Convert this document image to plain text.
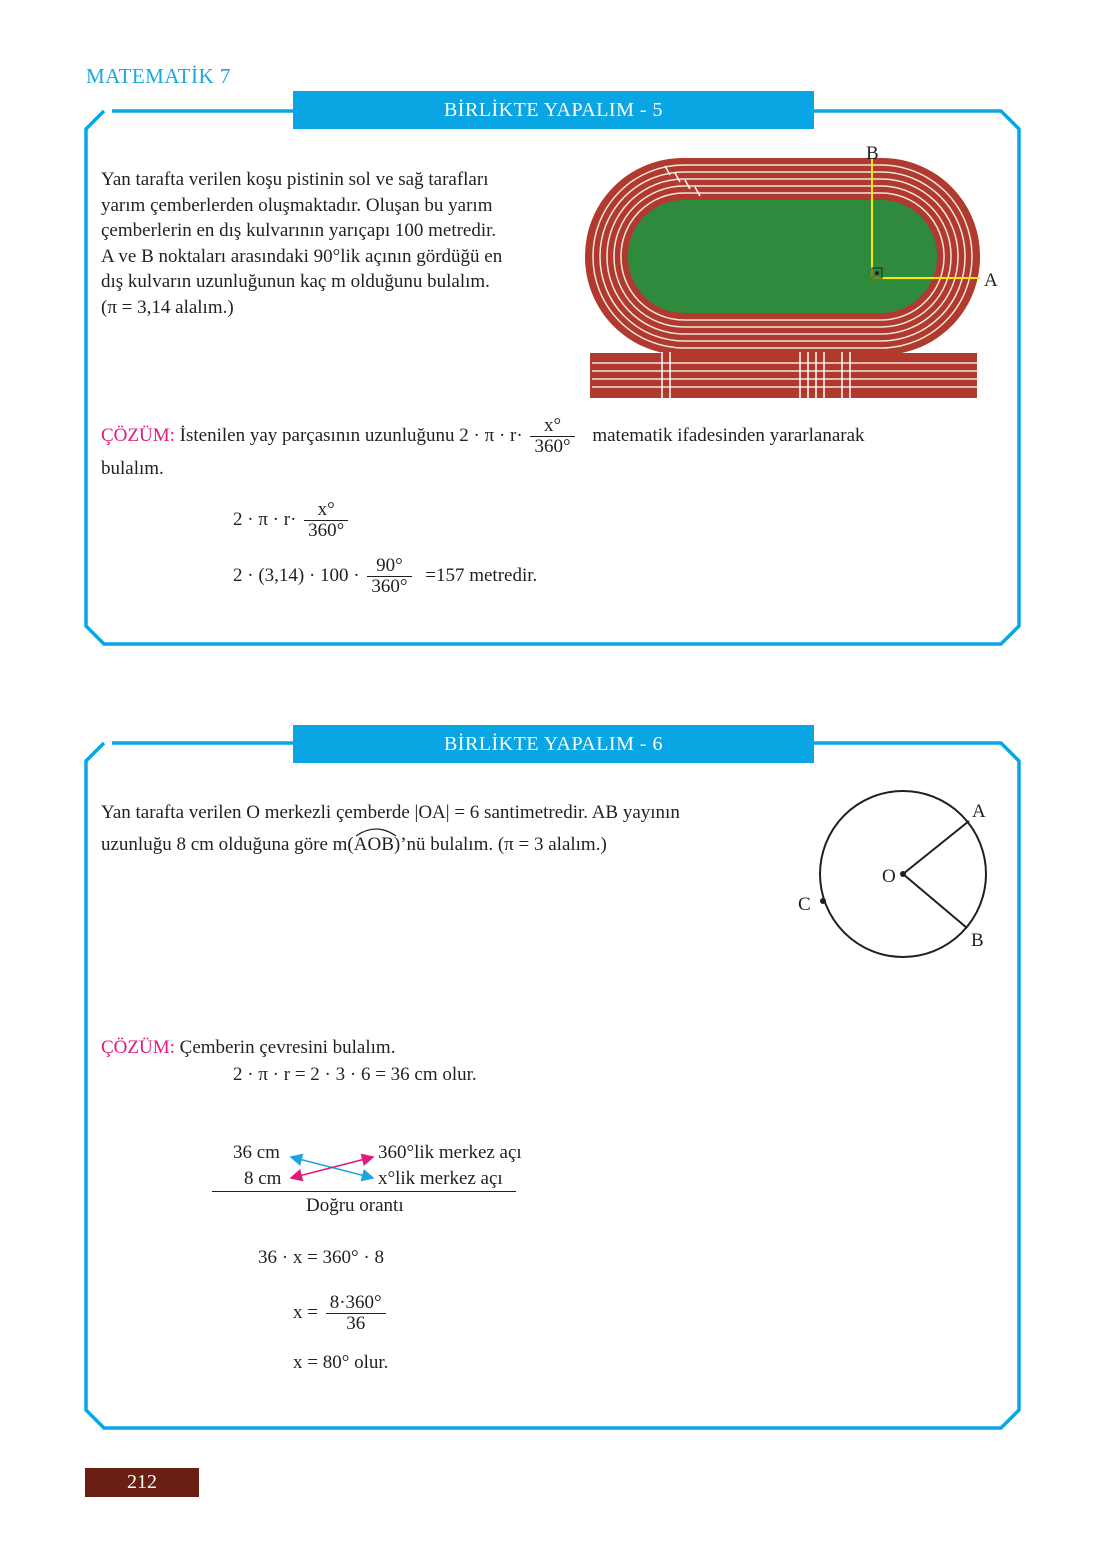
MATEMATİK 7
BİRLİKTE YAPALIM - 5
Yan tarafta verilen koşu pistinin sol ve sağ tarafları
yarım çemberlerden oluşmaktadır. Oluşan bu yarım
çemberlerin en dış kulvarının yarıçapı 100 metredir.
A ve B noktaları arasındaki 90°lik açının gördüğü en
dış kulvarın uzunluğunun kaç m olduğunu bulalım.
(π = 3,14 alalım.)
B
A
ÇÖZÜM: İstenilen yay parçasının uzunluğunu $2 \cdot \pi \cdot r\cdot \frac{x^\circ}{360^\circ}$ matematik ifadesinden yararlanarak
bulalım.
$2 \cdot \pi \cdot r\cdot \frac{x^\circ}{360^\circ}$
$2 \cdot (3,14) \cdot 100 \cdot \frac{90^\circ}{360^\circ} =157$ metredir.
BİRLİKTE YAPALIM - 6
Yan tarafta verilen O merkezli çemberde |OA| = 6 santimetredir. AB yayının
uzunluğu 8 cm olduğuna göre m(
AOB)’nü bulalım. (π = 3 alalım.)
A
B
C
O
ÇÖZÜM: Çemberin çevresini bulalım.
2 · π · r = 2 · 3 · 6 = 36 cm olur.
36 cm
8 cm
360°lik merkez açı
x°lik merkez açı
Doğru orantı
36 · x = 360° · 8
$x = \frac{8\cdot 360^\circ}{36}$
x = 80° olur.
212
